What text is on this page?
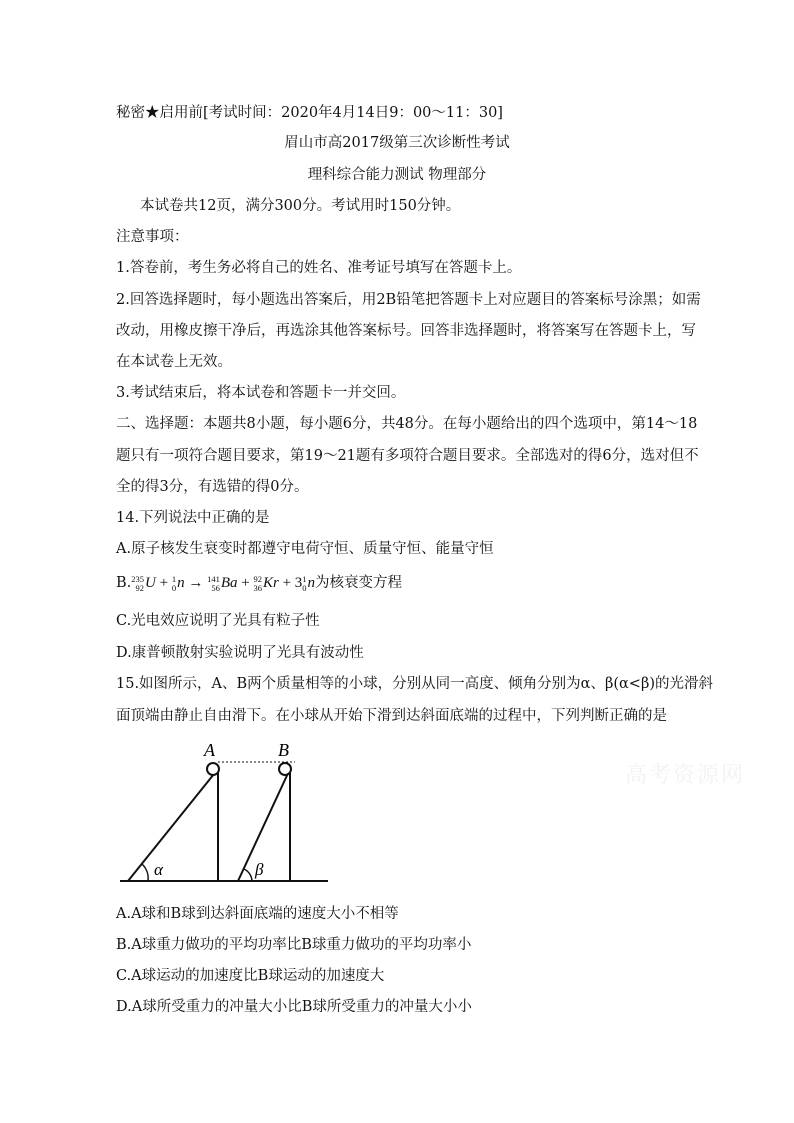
秘密★启用前[考试时间：2020年4月14日9：00～11：30]
眉山市高2017级第三次诊断性考试
理科综合能力测试 物理部分
本试卷共12页，满分300分。考试用时150分钟。
注意事项：
1.答卷前，考生务必将自己的姓名、准考证号填写在答题卡上。
2.回答选择题时，每小题选出答案后，用2B铅笔把答题卡上对应题目的答案标号涂黑；如需
改动，用橡皮擦干净后，再选涂其他答案标号。回答非选择题时，将答案写在答题卡上，写
在本试卷上无效。
3.考试结束后，将本试卷和答题卡一并交回。
二、选择题：本题共8小题，每小题6分，共48分。在每小题给出的四个选项中，第14～18
题只有一项符合题目要求，第19～21题有多项符合题目要求。全部选对的得6分，选对但不
全的得3分，有选错的得0分。
14.下列说法中正确的是
A.原子核发生衰变时都遵守电荷守恒、质量守恒、能量守恒
B. 235
92 U + 1
0 n → 141
56 Ba + 92
36 Kr + 3 1
0 n为核衰变方程
C.光电效应说明了光具有粒子性
D.康普顿散射实验说明了光具有波动性
15.如图所示，A、B两个质量相等的小球，分别从同一高度、倾角分别为α、β(α<β)的光滑斜
面顶端由静止自由滑下。在小球从开始下滑到达斜面底端的过程中，下列判断正确的是
A	B
α	β
高考资源网
A.A球和B球到达斜面底端的速度大小不相等
B.A球重力做功的平均功率比B球重力做功的平均功率小
C.A球运动的加速度比B球运动的加速度大
D.A球所受重力的冲量大小比B球所受重力的冲量大小小
